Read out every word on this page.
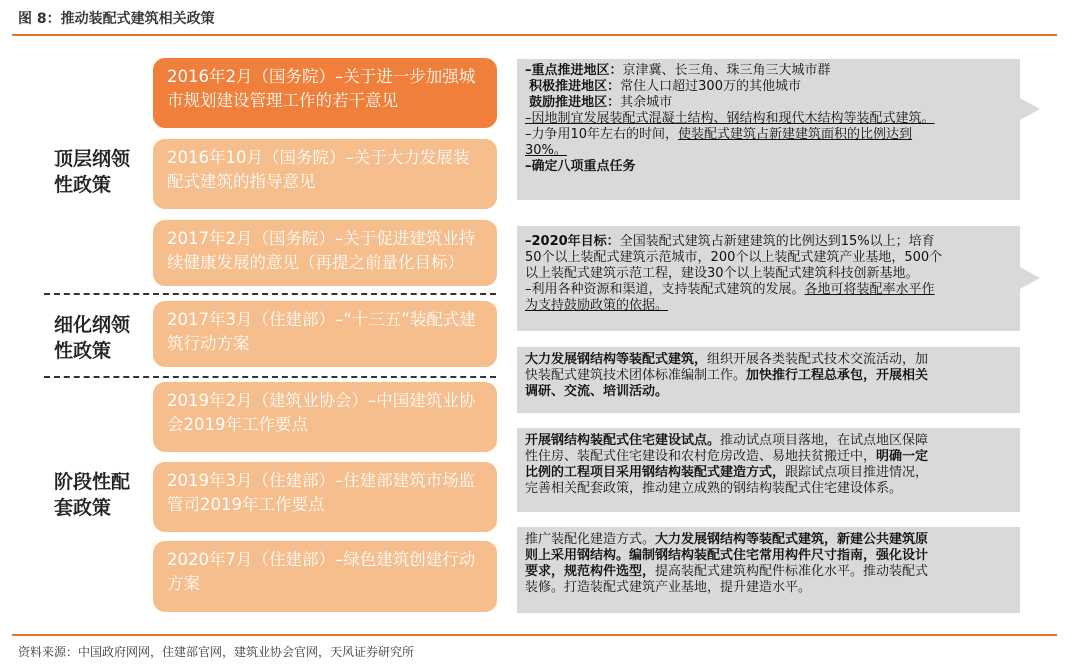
图 8：推动装配式建筑相关政策
顶层纲领性政策
细化纲领性政策
阶段性配套政策
2016年2月（国务院）–关于进一步加强城市规划建设管理工作的若干意见
2016年10月（国务院）–关于大力发展装配式建筑的指导意见
2017年2月（国务院）–关于促进建筑业持续健康发展的意见（再提之前量化目标）
2017年3月（住建部）–“十三五”装配式建筑行动方案
2019年2月（建筑业协会）–中国建筑业协会2019年工作要点
2019年3月（住建部）–住建部建筑市场监管司2019年工作要点
2020年7月（住建部）–绿色建筑创建行动方案
–重点推进地区：京津冀、长三角、珠三角三大城市群
积极推进地区：常住人口超过300万的其他城市
鼓励推进地区：其余城市
–因地制宜发展装配式混凝土结构、钢结构和现代木结构等装配式建筑。
–力争用10年左右的时间，使装配式建筑占新建建筑面积的比例达到
30%。
–确定八项重点任务
–2020年目标：全国装配式建筑占新建建筑的比例达到15%以上；培育
50个以上装配式建筑示范城市，200个以上装配式建筑产业基地，500个
以上装配式建筑示范工程，建设30个以上装配式建筑科技创新基地。
–利用各种资源和渠道，支持装配式建筑的发展。各地可将装配率水平作
为支持鼓励政策的依据。
大力发展钢结构等装配式建筑，组织开展各类装配式技术交流活动，加
快装配式建筑技术团体标准编制工作。加快推行工程总承包，开展相关
调研、交流、培训活动。
开展钢结构装配式住宅建设试点。推动试点项目落地，在试点地区保障
性住房、装配式住宅建设和农村危房改造、易地扶贫搬迁中，明确一定
比例的工程项目采用钢结构装配式建造方式，跟踪试点项目推进情况，
完善相关配套政策，推动建立成熟的钢结构装配式住宅建设体系。
推广装配化建造方式。大力发展钢结构等装配式建筑，新建公共建筑原
则上采用钢结构。编制钢结构装配式住宅常用构件尺寸指南，强化设计
要求，规范构件选型，提高装配式建筑构配件标准化水平。推动装配式
装修。打造装配式建筑产业基地，提升建造水平。
资料来源：中国政府网网，住建部官网，建筑业协会官网，天风证券研究所
